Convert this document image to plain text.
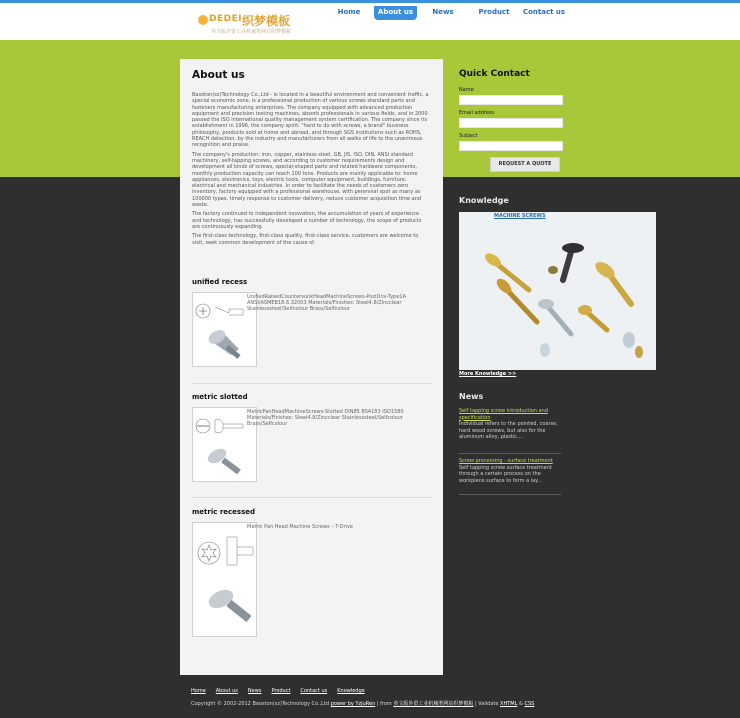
DEDEI 织梦模板
英文版外贸工业机械类网站织梦模板
Home	About us	News	Product	Contact us
About us

Baoston(sz)Technology Co.,Ltd - is located in a beautiful environment and convenient traffic, a special economic zone, is a professional production of various screws standard parts and fasteners manufacturing enterprises. The company equipped with advanced production equipment and precision testing machines, absorb professionals in various fields, and in 2000 passed the ISO international quality management system certification. The company since its establishment in 1996, the company spirit: "hard to do with screws, a brand" business philosophy, products sold at home and abroad, and through SGS institutions such as ROHS, REACH detection, by the industry and manufacturers from all walks of life to the unanimous recognition and praise.

The company's production: iron, copper, stainless steel, GB, JIS, ISO, DIN, ANSI standard machinery, self-tapping screws, and according to customer requirements design and development all kinds of screws, special-shaped parts and related hardware components, monthly production capacity can reach 100 tons. Products are mainly applicable to: home appliances, electronics, toys, electric tools, computer equipment, buildings, furniture, electrical and mechanical industries. In order to facilitate the needs of customers zero inventory, factory equipped with a professional warehouse, with perennial spot as many as 100000 types, timely response to customer delivery, reduce customer acquisition time and waste.

The factory continued to independent innovation, the accumulation of years of experience and technology, has successfully developed a number of technology, the scope of products are continuously expanding.

The first-class technology, first-class quality, first-class service, customers are welcome to visit, seek common development of the cause of.

unified recess
UnifiedRaisedCountersunkHeadMachineScrews-PozіDriv-Type1A ANSI/ASMEB18.6.32003 Materials/Finishes: Steel4.8/Zincclear Stainlesssteel/Selfcolour Brass/Selfcolour
metric slotted
MetricPanHeadMachineScrews-Slotted DIN85 BS4183 ISO1580 Materials/Finishes: Steel4.8/Zincclear Stainlesssteel/Selfcolour Brass/Selfcolour
metric recessed
Metric Pan Head Machine Screws – T-Drive
Quick Contact
Name
Email address
Subject
REQUEST A QUOTE
Knowledge
MACHINE SCREWS
More Knowledge >>
News
Self tapping screw introduction and specification
Individual refers to the pointed, coarse, hard wood screws, but also for the aluminum alloy, plastic....
Screw processing - surface treatment
Self tapping screw surface treatment through a certain process on the workpiece surface to form a lay...
Home About us News Product Contact us Knowledge
Copyright © 2002-2012 Baoston(sz)Technology Co.,Ltd power by YzJuRen | from 英文版外贸工业机械类网站织梦模板 | Validate XHTML & CSS
